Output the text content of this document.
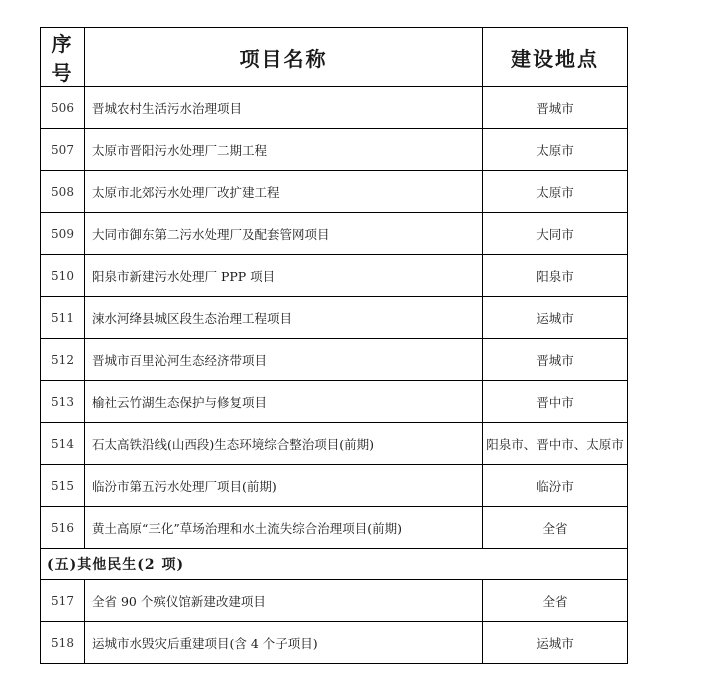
序号	项目名称	建设地点
506	晋城农村生活污水治理项目	晋城市
507	太原市晋阳污水处理厂二期工程	太原市
508	太原市北郊污水处理厂改扩建工程	太原市
509	大同市御东第二污水处理厂及配套管网项目	大同市
510	阳泉市新建污水处理厂 PPP 项目	阳泉市
511	涑水河绛县城区段生态治理工程项目	运城市
512	晋城市百里沁河生态经济带项目	晋城市
513	榆社云竹湖生态保护与修复项目	晋中市
514	石太高铁沿线(山西段)生态环境综合整治项目(前期)	阳泉市、晋中市、太原市
515	临汾市第五污水处理厂项目(前期)	临汾市
516	黄土高原“三化”草场治理和水土流失综合治理项目(前期)	全省
(五)其他民生(2 项)		
517	全省 90 个殡仪馆新建改建项目	全省
518	运城市水毁灾后重建项目(含 4 个子项目)	运城市
